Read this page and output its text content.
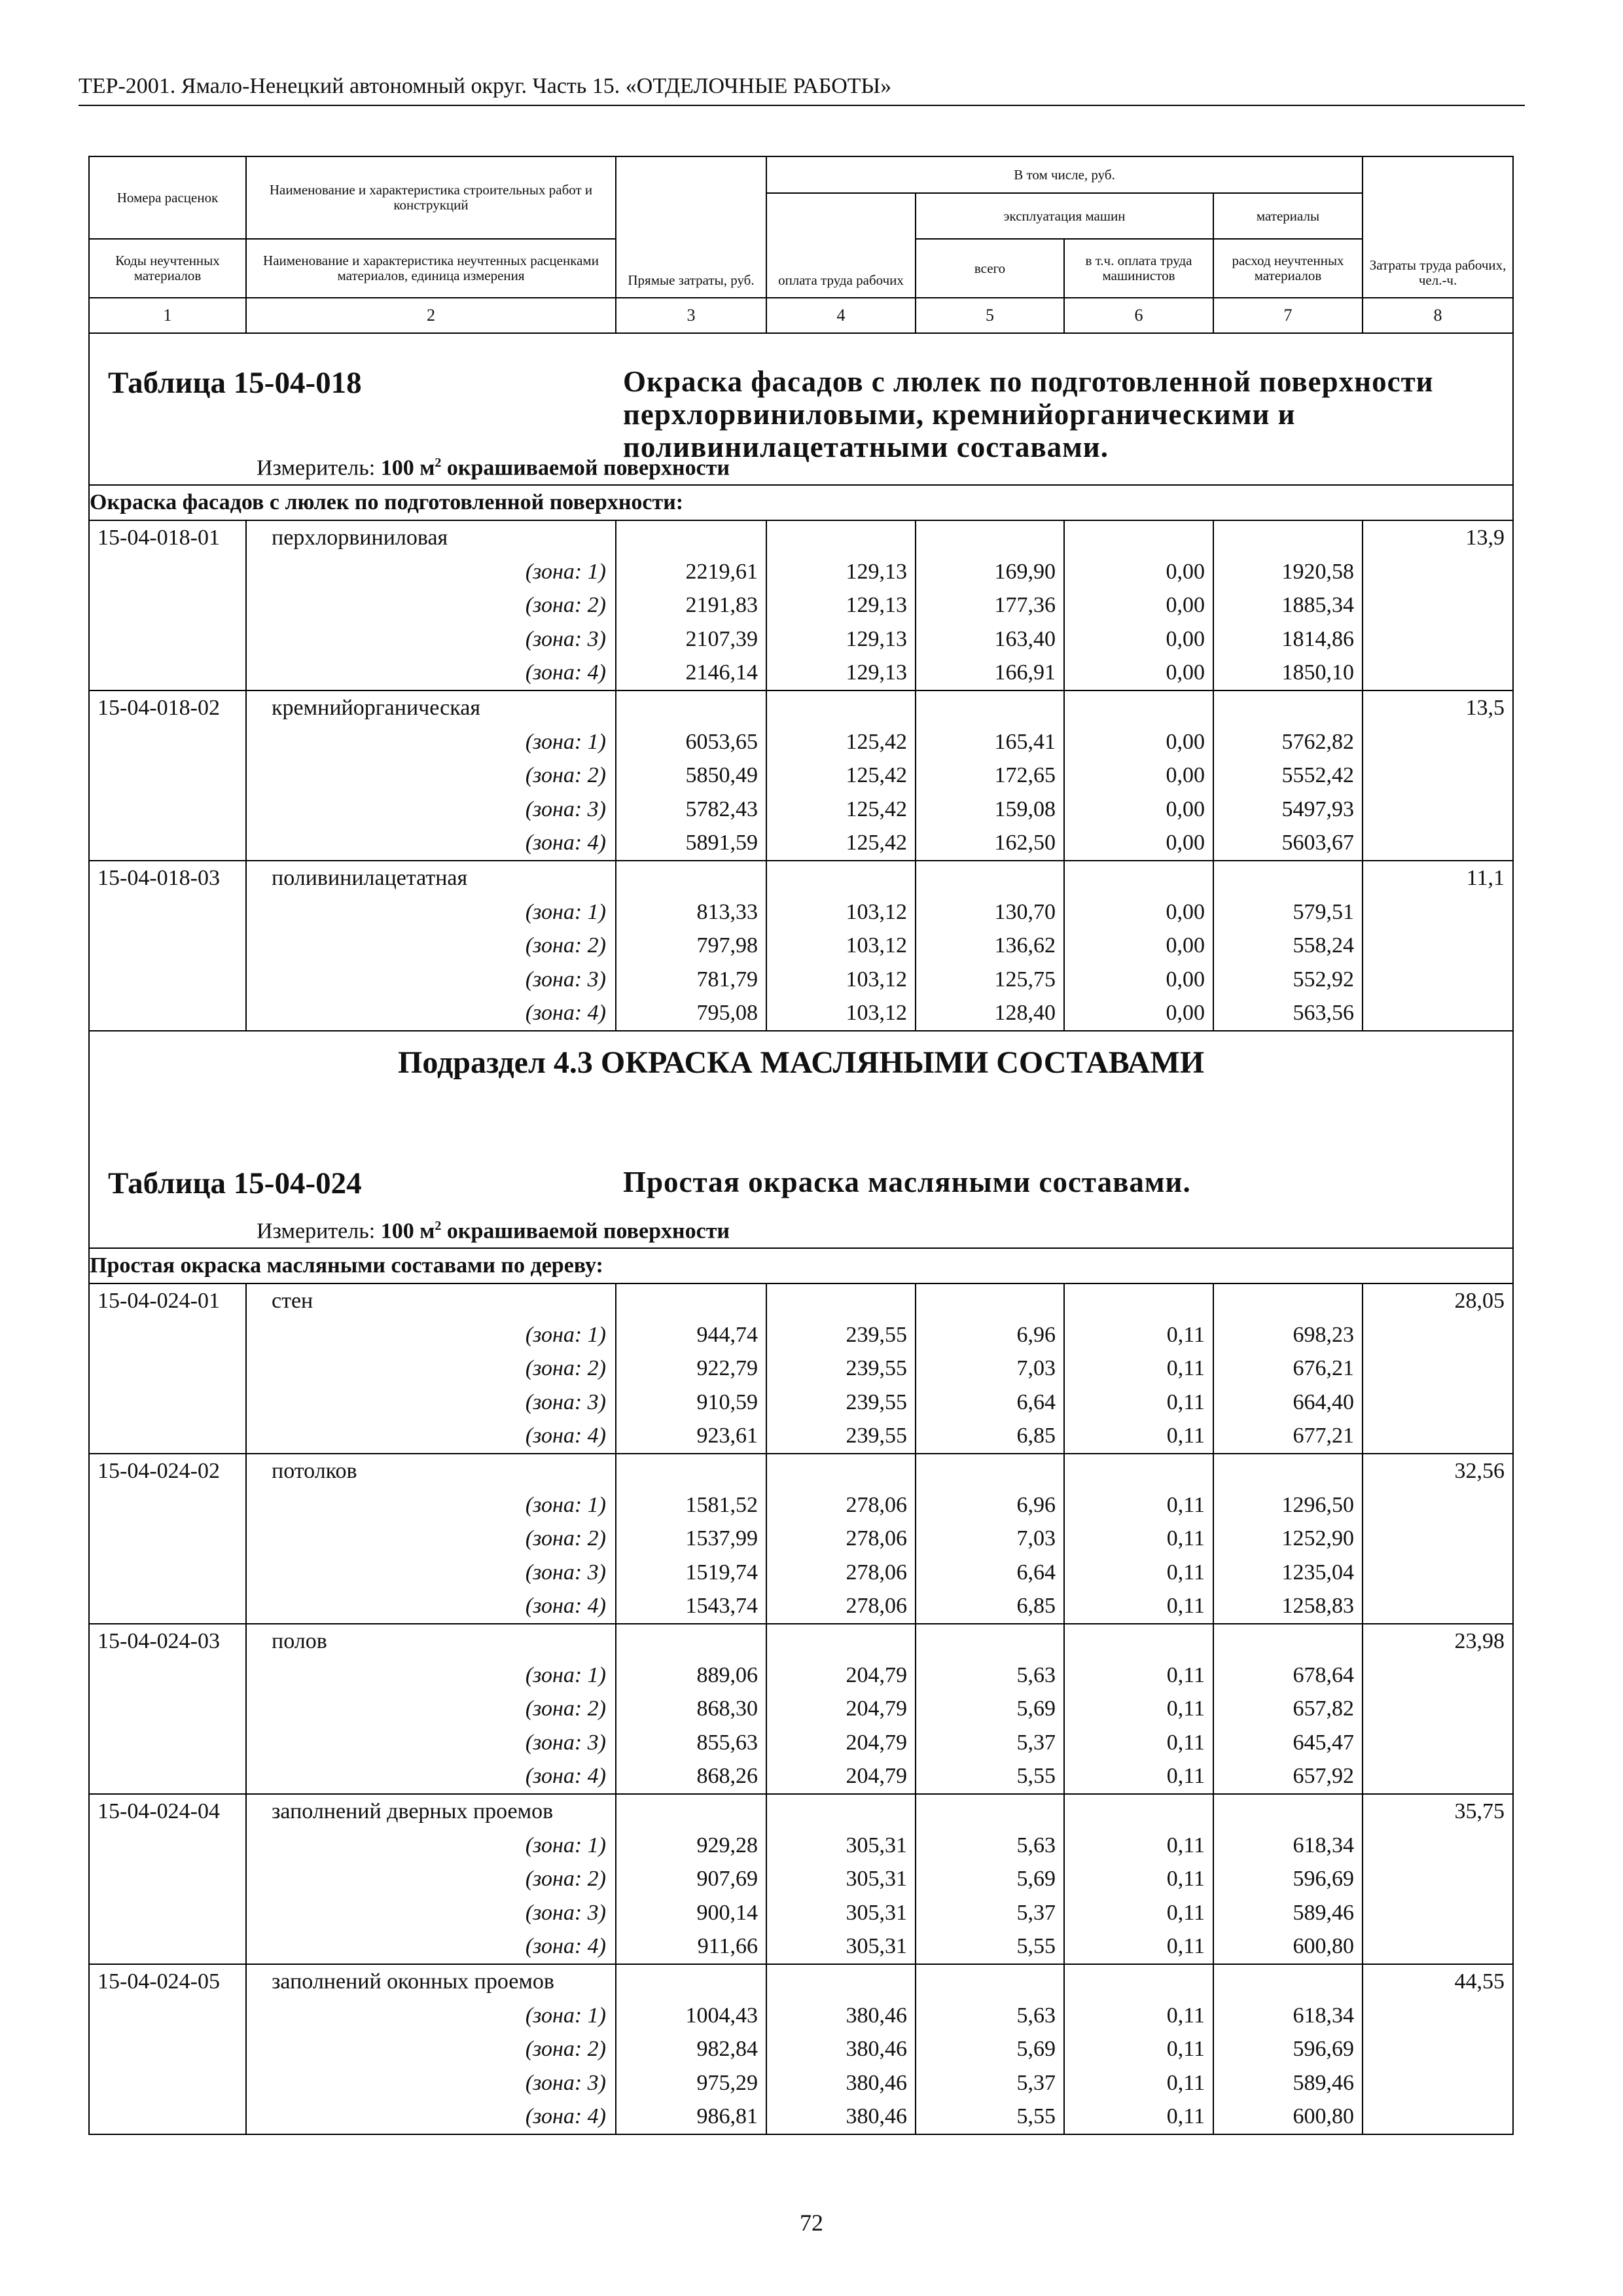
ТЕР-2001. Ямало-Ненецкий автономный округ. Часть 15. «ОТДЕЛОЧНЫЕ РАБОТЫ»
Номера расценок	Наименование и характеристика строительных работ и конструкций	Прямые затраты, руб.	В том числе, руб.				Затраты труда рабочих, чел.-ч.
			оплата труда рабочих	эксплуатация машин		материалы	
Коды неучтенных материалов	Наименование и характеристика неучтенных расценками материалов, единица измерения			всего	в т.ч. оплата труда машинистов	расход неучтенных материалов	

1	2	3	4	5	6	7	8

Таблица 15-04-018 Окраска фасадов с люлек по подготовленной поверхности перхлорвиниловыми, кремнийорганическими и поливинилацетатными составами.
Измеритель: 100 $м^2$ окрашиваемой поверхности							

Окраска фасадов с люлек по подготовленной поверхности:							
15-04-018-01	перхлорвиниловая						13,9
	(зона: 1)	2219,61	129,13	169,90	0,00	1920,58	
	(зона: 2)	2191,83	129,13	177,36	0,00	1885,34	
	(зона: 3)	2107,39	129,13	163,40	0,00	1814,86	
	(зона: 4)	2146,14	129,13	166,91	0,00	1850,10	
15-04-018-02	кремнийорганическая						13,5
	(зона: 1)	6053,65	125,42	165,41	0,00	5762,82	
	(зона: 2)	5850,49	125,42	172,65	0,00	5552,42	
	(зона: 3)	5782,43	125,42	159,08	0,00	5497,93	
	(зона: 4)	5891,59	125,42	162,50	0,00	5603,67	
15-04-018-03	поливинилацетатная						11,1
	(зона: 1)	813,33	103,12	130,70	0,00	579,51	
	(зона: 2)	797,98	103,12	136,62	0,00	558,24	
	(зона: 3)	781,79	103,12	125,75	0,00	552,92	
	(зона: 4)	795,08	103,12	128,40	0,00	563,56	

Подраздел 4.3 ОКРАСКА МАСЛЯНЫМИ СОСТАВАМИ
Таблица 15-04-024 Простая окраска масляными составами.
Измеритель: 100 $м^2$ окрашиваемой поверхности							

Простая окраска масляными составами по дереву:							
15-04-024-01	стен						28,05
	(зона: 1)	944,74	239,55	6,96	0,11	698,23	
	(зона: 2)	922,79	239,55	7,03	0,11	676,21	
	(зона: 3)	910,59	239,55	6,64	0,11	664,40	
	(зона: 4)	923,61	239,55	6,85	0,11	677,21	
15-04-024-02	потолков						32,56
	(зона: 1)	1581,52	278,06	6,96	0,11	1296,50	
	(зона: 2)	1537,99	278,06	7,03	0,11	1252,90	
	(зона: 3)	1519,74	278,06	6,64	0,11	1235,04	
	(зона: 4)	1543,74	278,06	6,85	0,11	1258,83	
15-04-024-03	полов						23,98
	(зона: 1)	889,06	204,79	5,63	0,11	678,64	
	(зона: 2)	868,30	204,79	5,69	0,11	657,82	
	(зона: 3)	855,63	204,79	5,37	0,11	645,47	
	(зона: 4)	868,26	204,79	5,55	0,11	657,92	
15-04-024-04	заполнений дверных проемов						35,75
	(зона: 1)	929,28	305,31	5,63	0,11	618,34	
	(зона: 2)	907,69	305,31	5,69	0,11	596,69	
	(зона: 3)	900,14	305,31	5,37	0,11	589,46	
	(зона: 4)	911,66	305,31	5,55	0,11	600,80	
15-04-024-05	заполнений оконных проемов						44,55
	(зона: 1)	1004,43	380,46	5,63	0,11	618,34	
	(зона: 2)	982,84	380,46	5,69	0,11	596,69	
	(зона: 3)	975,29	380,46	5,37	0,11	589,46	
	(зона: 4)	986,81	380,46	5,55	0,11	600,80	
72
